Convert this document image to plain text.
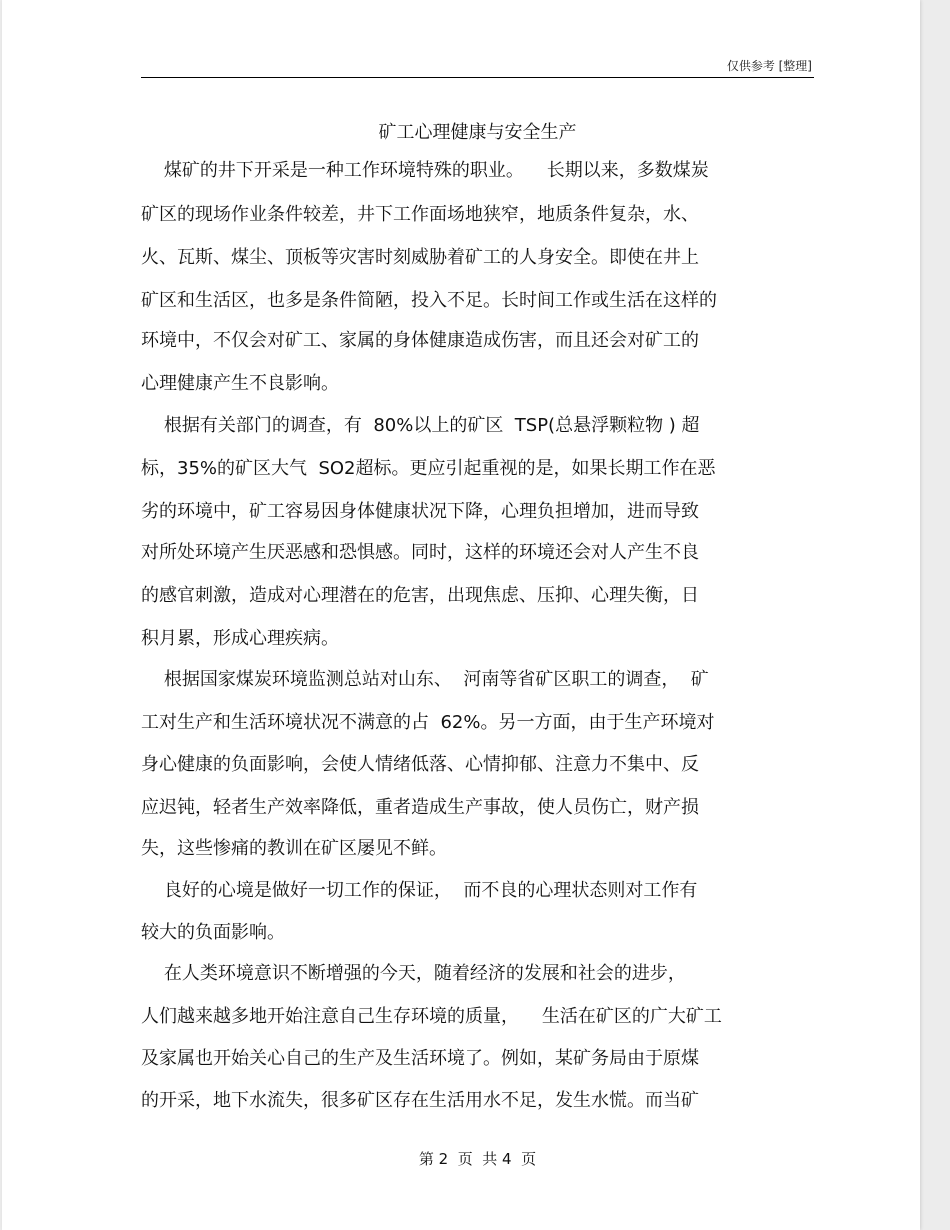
仅供参考 [整理]
矿工心理健康与安全生产
煤矿的井下开采是一种工作环境特殊的职业。    长期以来，多数煤炭
矿区的现场作业条件较差，井下工作面场地狭窄，地质条件复杂，水、
火、瓦斯、煤尘、顶板等灾害时刻威胁着矿工的人身安全。即使在井上
矿区和生活区，也多是条件简陋，投入不足。长时间工作或生活在这样的
环境中，不仅会对矿工、家属的身体健康造成伤害，而且还会对矿工的
心理健康产生不良影响。
根据有关部门的调查，有  80%以上的矿区  TSP(总悬浮颗粒物 ) 超
标，35%的矿区大气  SO2超标。更应引起重视的是，如果长期工作在恶
劣的环境中，矿工容易因身体健康状况下降，心理负担增加，进而导致
对所处环境产生厌恶感和恐惧感。同时，这样的环境还会对人产生不良
的感官刺激，造成对心理潜在的危害，出现焦虑、压抑、心理失衡，日
积月累，形成心理疾病。
根据国家煤炭环境监测总站对山东、  河南等省矿区职工的调查，  矿
工对生产和生活环境状况不满意的占  62%。另一方面，由于生产环境对
身心健康的负面影响，会使人情绪低落、心情抑郁、注意力不集中、反
应迟钝，轻者生产效率降低，重者造成生产事故，使人员伤亡，财产损
失，这些惨痛的教训在矿区屡见不鲜。
良好的心境是做好一切工作的保证，  而不良的心理状态则对工作有
较大的负面影响。
在人类环境意识不断增强的今天，随着经济的发展和社会的进步，
人们越来越多地开始注意自己生存环境的质量，    生活在矿区的广大矿工
及家属也开始关心自己的生产及生活环境了。例如，某矿务局由于原煤
的开采，地下水流失，很多矿区存在生活用水不足，发生水慌。而当矿
第 2  页  共 4  页
